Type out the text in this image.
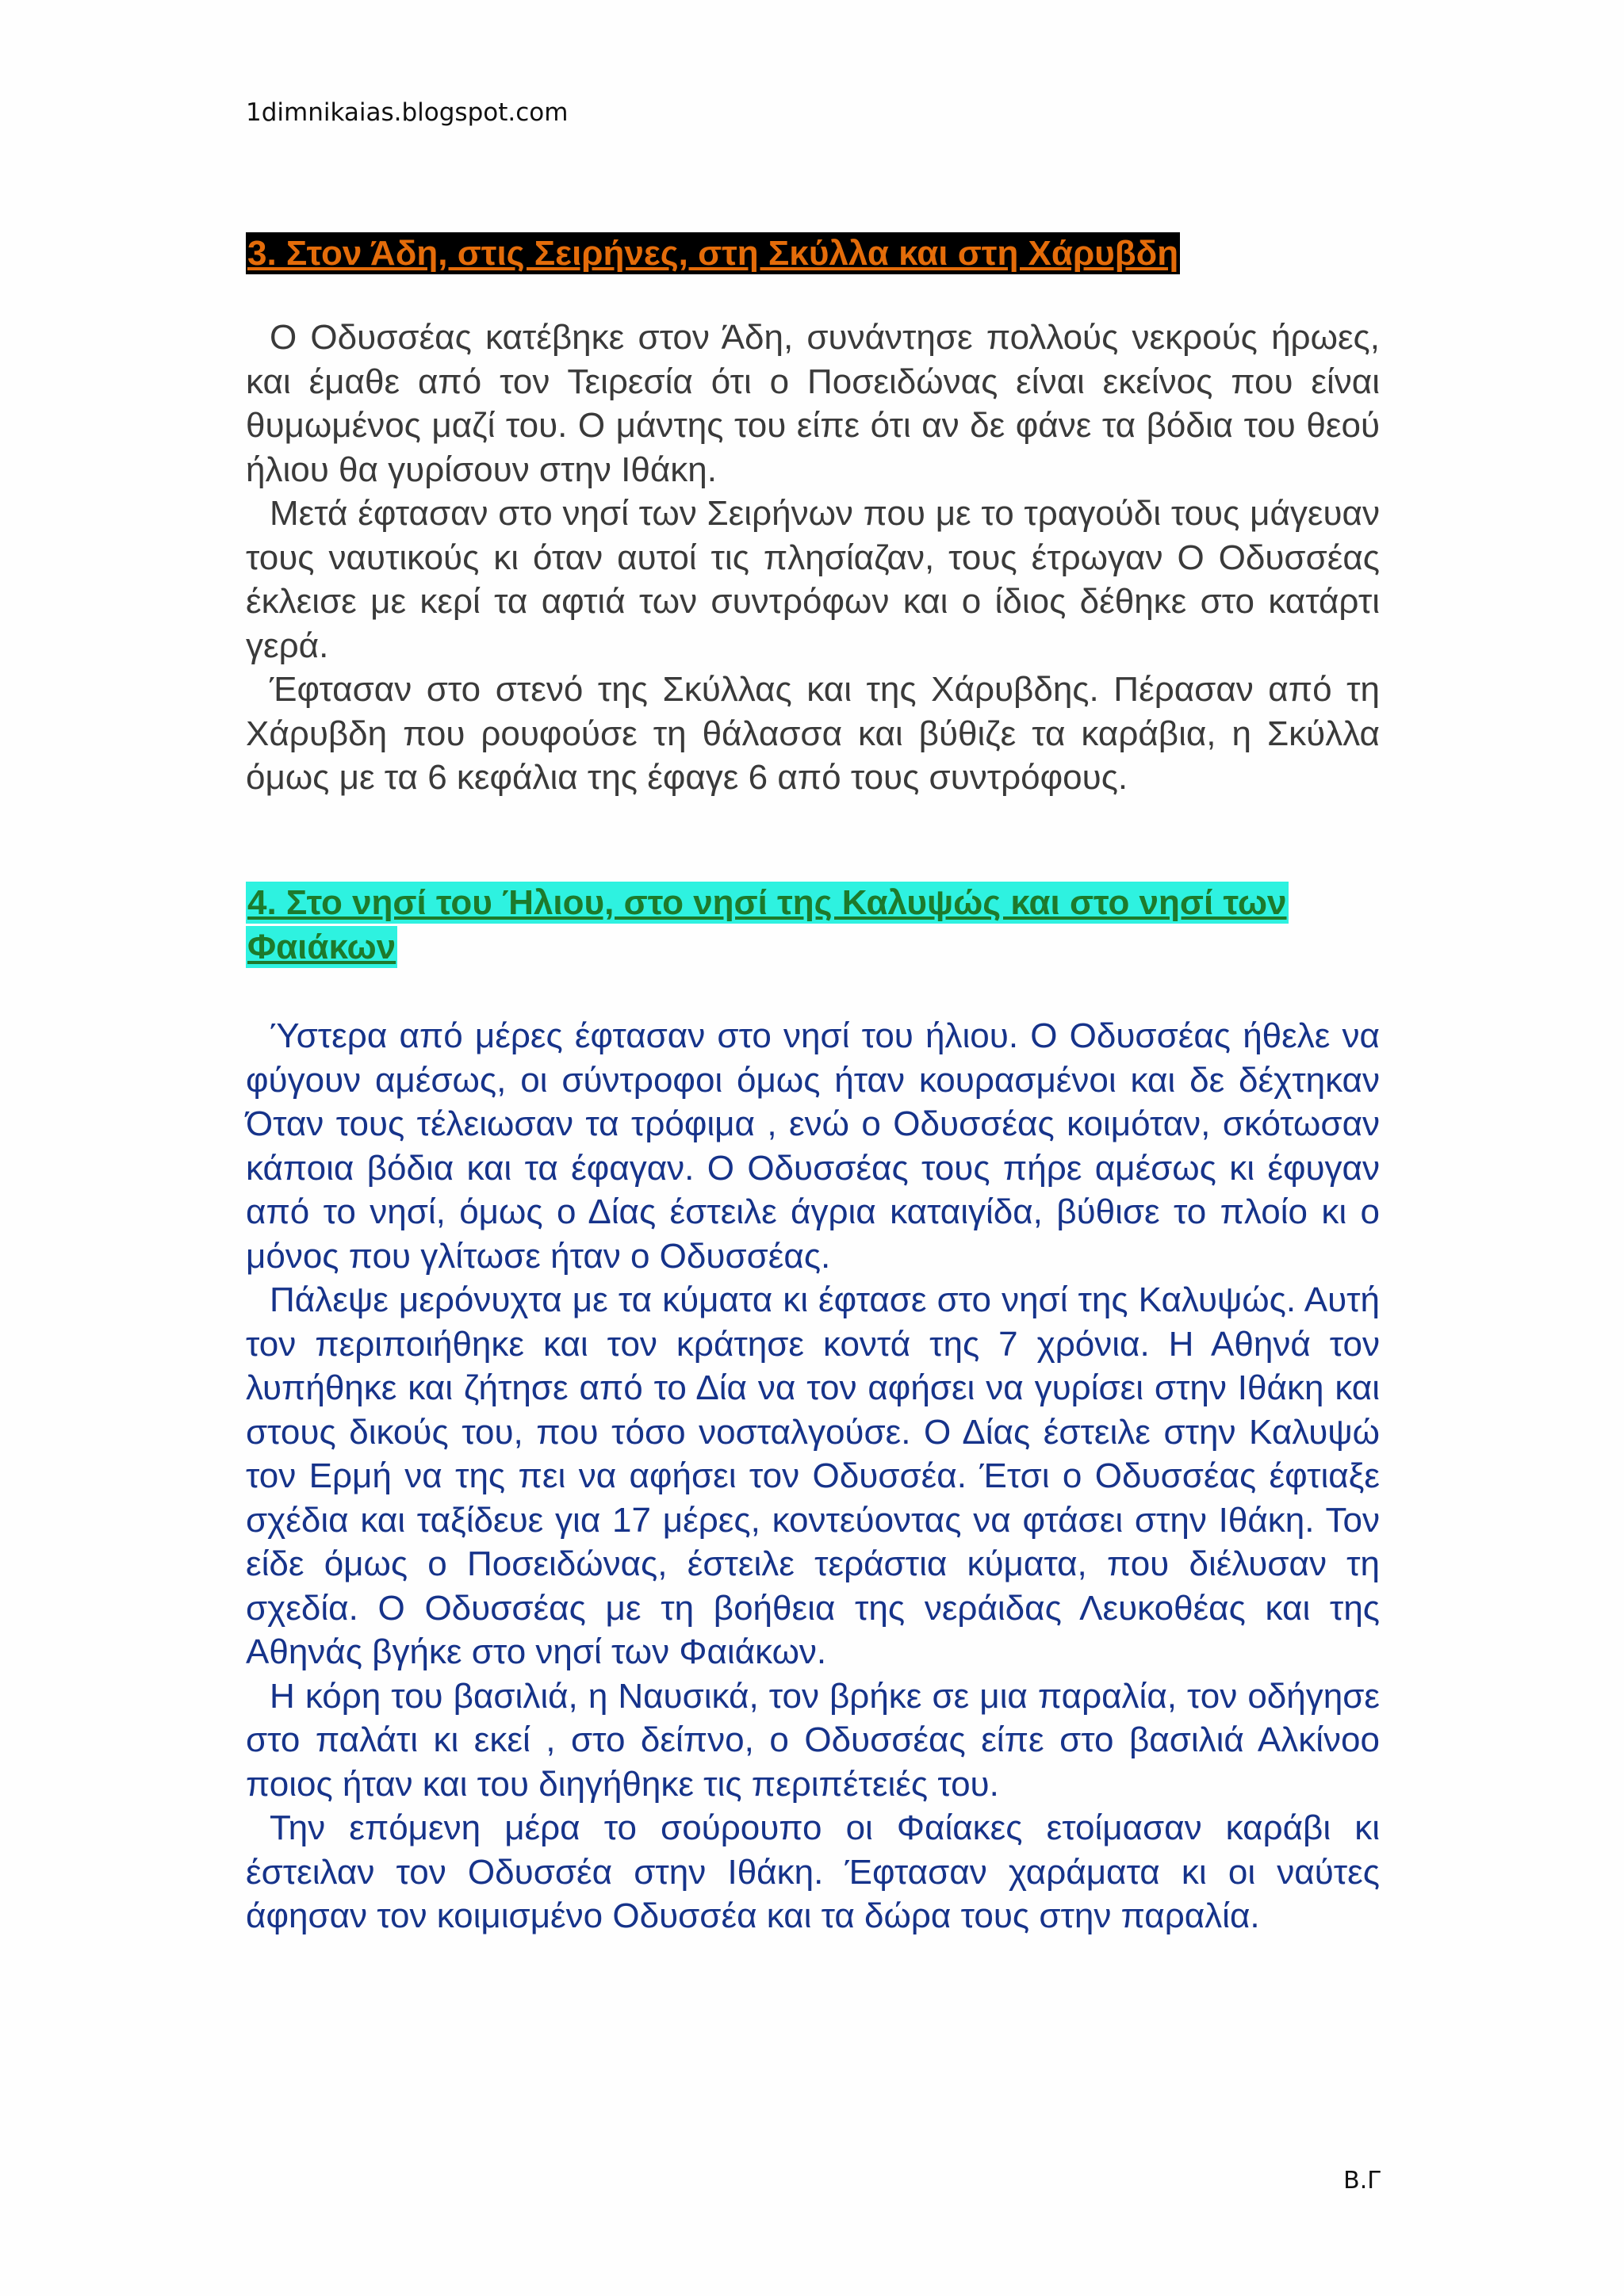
1dimnikaias.blogspot.com
3. Στον Άδη, στις Σειρήνες, στη Σκύλλα και στη Χάρυβδη

Ο Οδυσσέας κατέβηκε στον Άδη, συνάντησε πολλούς νεκρούς ήρωες, και έμαθε από τον Τειρεσία ότι ο Ποσειδώνας είναι εκείνος που είναι θυμωμένος μαζί του. Ο μάντης του είπε ότι αν δε φάνε τα βόδια του θεού ήλιου θα γυρίσουν στην Ιθάκη.

Μετά έφτασαν στο νησί των Σειρήνων που με το τραγούδι τους μάγευαν τους ναυτικούς κι όταν αυτοί τις πλησίαζαν, τους έτρωγαν Ο Οδυσσέας έκλεισε με κερί τα αφτιά των συντρόφων και ο ίδιος δέθηκε στο κατάρτι γερά.

Έφτασαν στο στενό της Σκύλλας και της Χάρυβδης. Πέρασαν από τη Χάρυβδη που ρουφούσε τη θάλασσα και βύθιζε τα καράβια, η Σκύλλα όμως με τα 6 κεφάλια της έφαγε 6 από τους συντρόφους.

4. Στο νησί του Ήλιου, στο νησί της Καλυψώς και στο νησί των Φαιάκων

Ύστερα από μέρες έφτασαν στο νησί του ήλιου. Ο Οδυσσέας ήθελε να φύγουν αμέσως, οι σύντροφοι όμως ήταν κουρασμένοι και δε δέχτηκαν Όταν τους τέλειωσαν τα τρόφιμα , ενώ ο Οδυσσέας κοιμόταν, σκότωσαν κάποια βόδια και τα έφαγαν. Ο Οδυσσέας τους πήρε αμέσως κι έφυγαν από το νησί, όμως ο Δίας έστειλε άγρια καταιγίδα, βύθισε το πλοίο κι ο μόνος που γλίτωσε ήταν ο Οδυσσέας.

Πάλεψε μερόνυχτα με τα κύματα κι έφτασε στο νησί της Καλυψώς. Αυτή τον περιποιήθηκε και τον κράτησε κοντά της 7 χρόνια. Η Αθηνά τον λυπήθηκε και ζήτησε από το Δία να τον αφήσει να γυρίσει στην Ιθάκη και στους δικούς του, που τόσο νοσταλγούσε. Ο Δίας έστειλε στην Καλυψώ τον Ερμή να της πει να αφήσει τον Οδυσσέα. Έτσι ο Οδυσσέας έφτιαξε σχέδια και ταξίδευε για 17 μέρες, κοντεύοντας να φτάσει στην Ιθάκη. Τον είδε όμως ο Ποσειδώνας, έστειλε τεράστια κύματα, που διέλυσαν τη σχεδία. Ο Οδυσσέας με τη βοήθεια της νεράιδας Λευκοθέας και της Αθηνάς βγήκε στο νησί των Φαιάκων.

Η κόρη του βασιλιά, η Ναυσικά, τον βρήκε σε μια παραλία, τον οδήγησε στο παλάτι κι εκεί , στο δείπνο, ο Οδυσσέας είπε στο βασιλιά Αλκίνοο ποιος ήταν και του διηγήθηκε τις περιπέτειές του.

Την επόμενη μέρα το σούρουπο οι Φαίακες ετοίμασαν καράβι κι έστειλαν τον Οδυσσέα στην Ιθάκη. Έφτασαν χαράματα κι οι ναύτες άφησαν τον κοιμισμένο Οδυσσέα και τα δώρα τους στην παραλία.

Β.Γ
